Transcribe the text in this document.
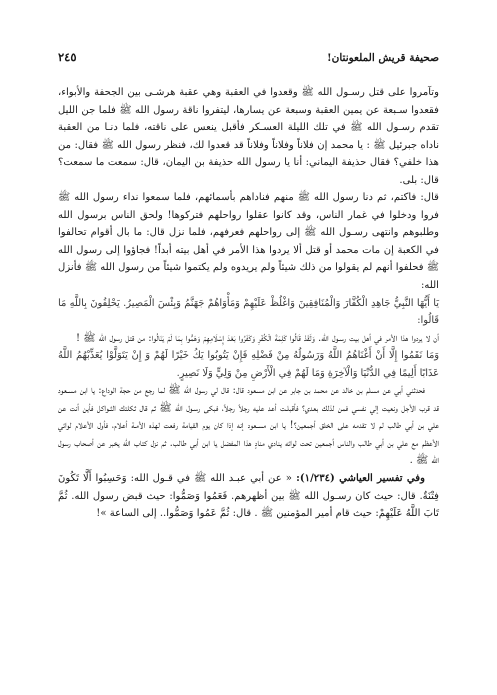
صحيفة قريش الملعونتان!
٢٤٥

وتآمروا على قتل رسـول الله ﷺ وقعدوا في العقبة وهي عقبة هرشـى بين الجحفة والأبواء، فقعدوا سـبعة عن يمين العقبة وسبعة عن يسارها، ليتفروا ناقة رسول الله ﷺ فلما جن الليل تقدم رسـول الله ﷺ في تلك الليلة العسـكر فأقبل ينعس على ناقته، فلما دنـا من العقبة ناداه جبرئيل ﷺ : يا محمد إن فلاناً وفلاناً وفلاناً قد قعدوا لك، فنظر رسول الله ﷺ فقال: من هذا خلفي؟ فقال حذيفة اليماني: أنا يا رسول الله حذيفة بن اليمان، قال: سمعت ما سمعت؟ قال: بلى.

قال: فاكتم، ثم دنا رسول الله ﷺ منهم فناداهم بأسمائهم، فلما سمعوا نداء رسول الله ﷺ فروا ودخلوا في غمار الناس، وقد كانوا عقلوا رواحلهم فتركوها! ولحق الناس برسول الله وطلبوهم وانتهى رسـول الله ﷺ إلى رواحلهم فعرفهم، فلما نزل قال: ما بال أقوام تحالفوا في الكعبة إن مات محمد أو قتل ألا يردوا هذا الأمر في أهل بيته أبداً! فجاؤوا إلى رسول الله ﷺ فحلفوا أنهم لم يقولوا من ذلك شيئاً ولم يريدوه ولم يكتموا شيئاً من رسول الله ﷺ فأنزل الله:

يَا أَيُّهَا النَّبِيُّ جَاهِدِ الْكُفَّارَ وَالْمُنَافِقِينَ وَاغْلُظْ عَلَيْهِمْ وَمَأْوَاهُمْ جَهَنَّمُ وَبِئْسَ الْمَصِيرُ. يَحْلِفُونَ بِاللَّهِ مَا قَالُوا:

أن لا يردوا هذا الأمر في أهل بيت رسـول الله. وَلَقَدْ قَالُوا كَلِمَةَ الْكُفْرِ وَكَفَرُوا بَعْدَ إِسْلَامِهِمْ وَهَمُّوا بِمَا لَمْ يَنَالُوا: من قتل رسول الله ﷺ !

وَمَا نَقَمُوا إِلَّا أَنْ أَغْنَاهُمُ اللَّهُ وَرَسُولُهُ مِنْ فَضْلِهِ فَإِنْ يَتُوبُوا يَكُ خَيْرًا لَهُمْ وَ إِنْ يَتَوَلَّوْا يُعَذِّبْهُمُ اللَّهُ عَذَابًا أَلِيمًا فِي الدُّنْيَا وَالْآخِرَةِ وَمَا لَهُمْ فِي الْأَرْضِ مِنْ وَلِيٍّ وَلَا نَصِيرٍ.

فحدثني أبي عن مسلم بن خالد عن محمد بن جابر عن ابن مسعود قال: قال لي رسول الله ﷺ لما رجع من حجة الوداع: يا ابن مسـعود قد قرب الأجل ونعيت إلي نفسي فمن لذلك بعدي؟ فأقبلـت أعد عليه رجلاً رجلاً، فبكى رسـول الله ﷺ ثم قال ثكلتك الثـواكل فأين أنت عن علي بن أبي طالب لم لا تقدمه على الخلق أجمعين؟! يا ابن مسـعود إنه إذا كان يوم القيامة رفعت لهذه الأمـة أعلام، فأول الأعلام لوائي الأعظم مع علي بن أبي طالب والناس أجمعين تحت لوائه ينادي منادٍ هذا المفضل يا ابن أبي طالب. ثم نزل كتاب الله يخبر عن أصحاب رسول الله ﷺ .

وفي تفسير العياشي (١/٢٣٤): « عن أبي عبـد الله ﷺ في قـول الله: وَحَسِبُوا أَلَّا تَكُونَ فِتْنَةٌ. قال: حيث كان رسـول الله ﷺ بين أظهرهم. فَعَمُوا وَصَمُّوا: حيث قبض رسول الله. ثُمَّ تَابَ اللَّهُ عَلَيْهِمْ: حيث قام أمير المؤمنين ﷺ . قال: ثُمَّ عَمُوا وَصَمُّوا.. إلى الساعة »!
